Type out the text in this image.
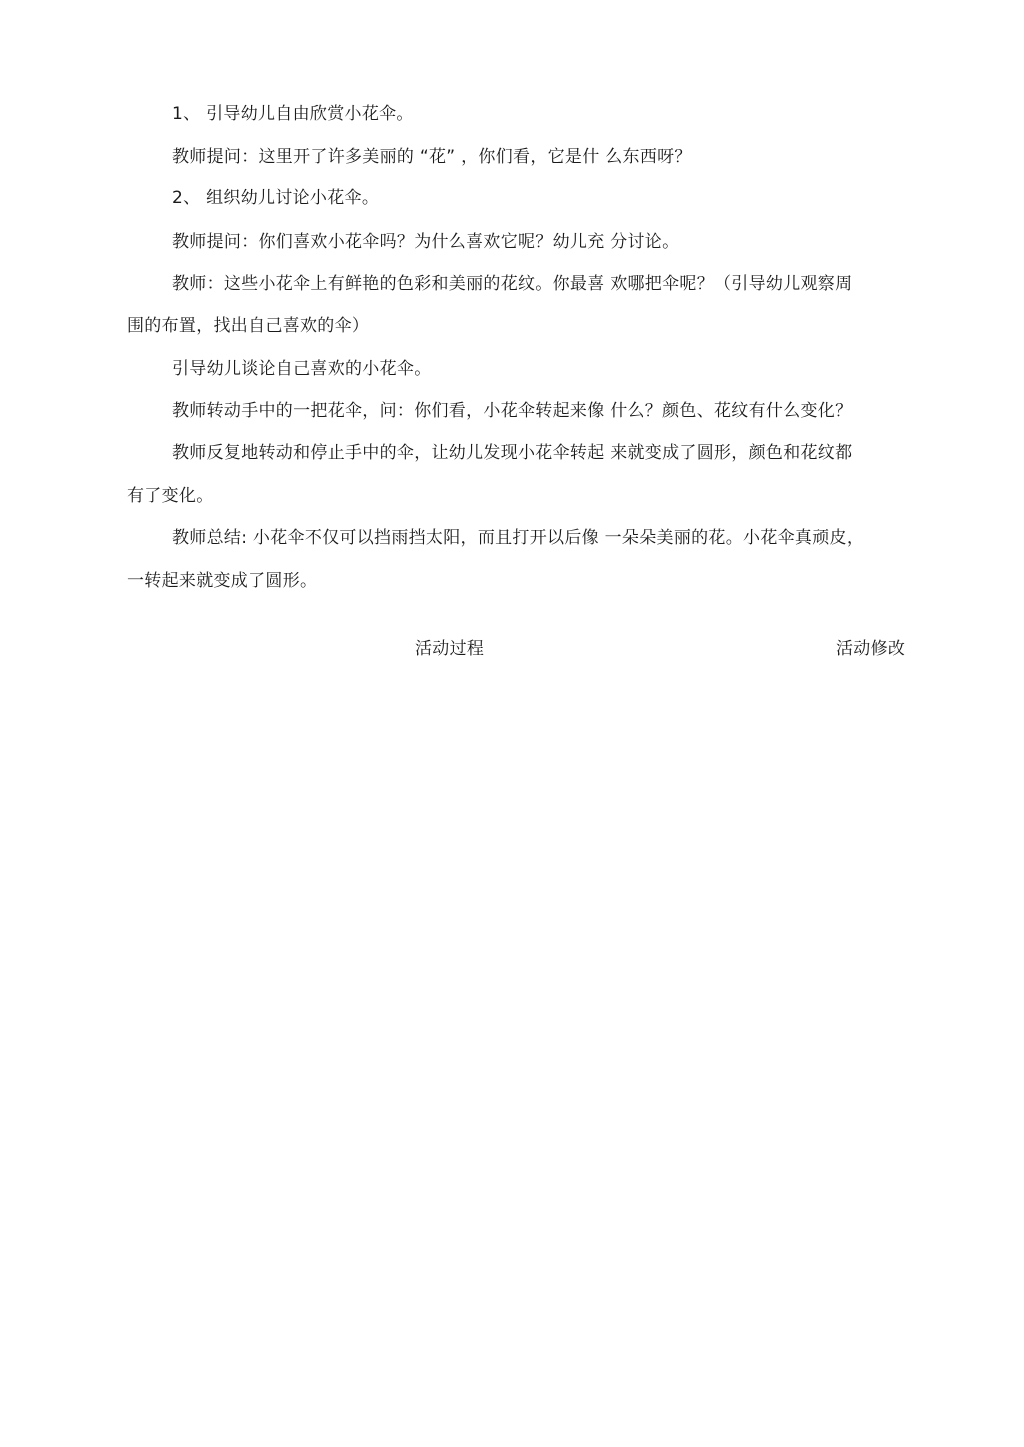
1、 引导幼儿自由欣赏小花伞。
教师提问：这里开了许多美丽的 “花” ，你们看，它是什 么东西呀？
2、 组织幼儿讨论小花伞。
教师提问：你们喜欢小花伞吗？为什么喜欢它呢？幼儿充 分讨论。
教师：这些小花伞上有鲜艳的色彩和美丽的花纹。你最喜 欢哪把伞呢？（引导幼儿观察周
围的布置，找出自己喜欢的伞）
引导幼儿谈论自己喜欢的小花伞。
教师转动手中的一把花伞，问：你们看，小花伞转起来像 什么？颜色、花纹有什么变化？
教师反复地转动和停止手中的伞，让幼儿发现小花伞转起 来就变成了圆形，颜色和花纹都
有了变化。
教师总结: 小花伞不仅可以挡雨挡太阳，而且打开以后像 一朵朵美丽的花。小花伞真顽皮，
一转起来就变成了圆形。
活动过程	活动修改
